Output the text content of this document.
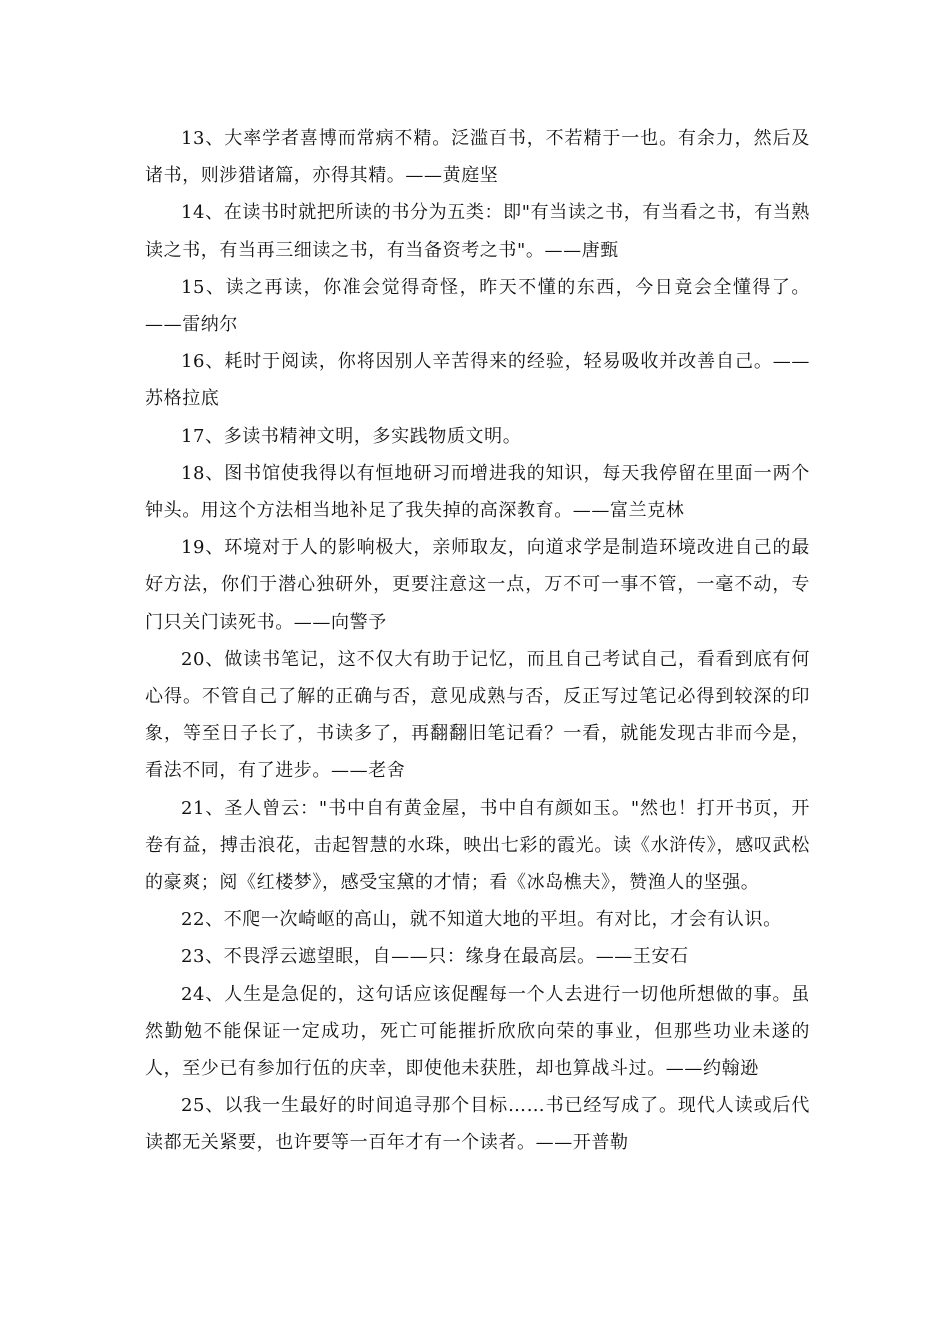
13、大率学者喜博而常病不精。泛滥百书，不若精于一也。有余力，然后及诸书，则涉猎诸篇，亦得其精。——黄庭坚

14、在读书时就把所读的书分为五类：即"有当读之书，有当看之书，有当熟读之书，有当再三细读之书，有当备资考之书"。——唐甄

15、读之再读，你准会觉得奇怪，昨天不懂的东西，今日竟会全懂得了。——雷纳尔

16、耗时于阅读，你将因别人辛苦得来的经验，轻易吸收并改善自己。——苏格拉底

17、多读书精神文明，多实践物质文明。

18、图书馆使我得以有恒地研习而增进我的知识，每天我停留在里面一两个钟头。用这个方法相当地补足了我失掉的高深教育。——富兰克林

19、环境对于人的影响极大，亲师取友，向道求学是制造环境改进自己的最好方法，你们于潜心独研外，更要注意这一点，万不可一事不管，一毫不动，专门只关门读死书。——向警予

20、做读书笔记，这不仅大有助于记忆，而且自己考试自己，看看到底有何心得。不管自己了解的正确与否，意见成熟与否，反正写过笔记必得到较深的印象，等至日子长了，书读多了，再翻翻旧笔记看？一看，就能发现古非而今是，看法不同，有了进步。——老舍

21、圣人曾云："书中自有黄金屋，书中自有颜如玉。"然也！打开书页，开卷有益，搏击浪花，击起智慧的水珠，映出七彩的霞光。读《水浒传》，感叹武松的豪爽；阅《红楼梦》，感受宝黛的才情；看《冰岛樵夫》，赞渔人的坚强。

22、不爬一次崎岖的高山，就不知道大地的平坦。有对比，才会有认识。

23、不畏浮云遮望眼，自——只：缘身在最高层。——王安石

24、人生是急促的，这句话应该促醒每一个人去进行一切他所想做的事。虽然勤勉不能保证一定成功，死亡可能摧折欣欣向荣的事业，但那些功业未遂的人，至少已有参加行伍的庆幸，即使他未获胜，却也算战斗过。——约翰逊

25、以我一生最好的时间追寻那个目标……书已经写成了。现代人读或后代读都无关紧要，也许要等一百年才有一个读者。——开普勒
